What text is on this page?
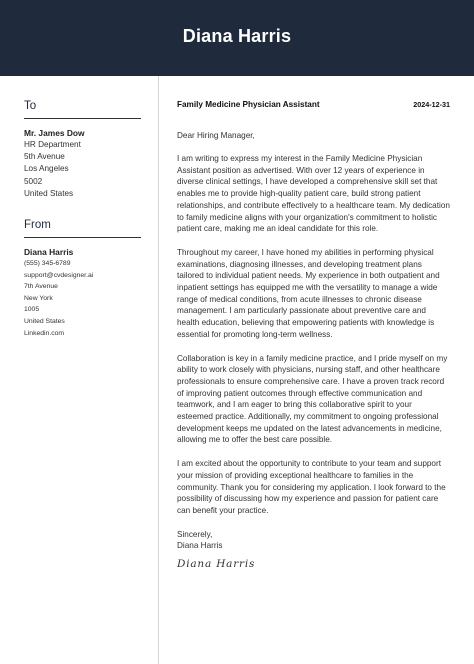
Diana Harris
To
Mr. James Dow
HR Department
5th Avenue
Los Angeles
5002
United States
From
Diana Harris
(555) 345-6789
support@cvdesigner.ai
7th Avenue
New York
1005
United States
Linkedin.com
Family Medicine Physician Assistant	2024-12-31
Dear Hiring Manager,
I am writing to express my interest in the Family Medicine Physician Assistant position as advertised. With over 12 years of experience in diverse clinical settings, I have developed a comprehensive skill set that enables me to provide high-quality patient care, build strong patient relationships, and contribute effectively to a healthcare team. My dedication to family medicine aligns with your organization's commitment to holistic patient care, making me an ideal candidate for this role.
Throughout my career, I have honed my abilities in performing physical examinations, diagnosing illnesses, and developing treatment plans tailored to individual patient needs. My experience in both outpatient and inpatient settings has equipped me with the versatility to manage a wide range of medical conditions, from acute illnesses to chronic disease management. I am particularly passionate about preventive care and health education, believing that empowering patients with knowledge is essential for promoting long-term wellness.
Collaboration is key in a family medicine practice, and I pride myself on my ability to work closely with physicians, nursing staff, and other healthcare professionals to ensure comprehensive care. I have a proven track record of improving patient outcomes through effective communication and teamwork, and I am eager to bring this collaborative spirit to your esteemed practice. Additionally, my commitment to ongoing professional development keeps me updated on the latest advancements in medicine, allowing me to offer the best care possible.
I am excited about the opportunity to contribute to your team and support your mission of providing exceptional healthcare to families in the community. Thank you for considering my application. I look forward to the possibility of discussing how my experience and passion for patient care can benefit your practice.
Sincerely,
Diana Harris
Diana Harris
